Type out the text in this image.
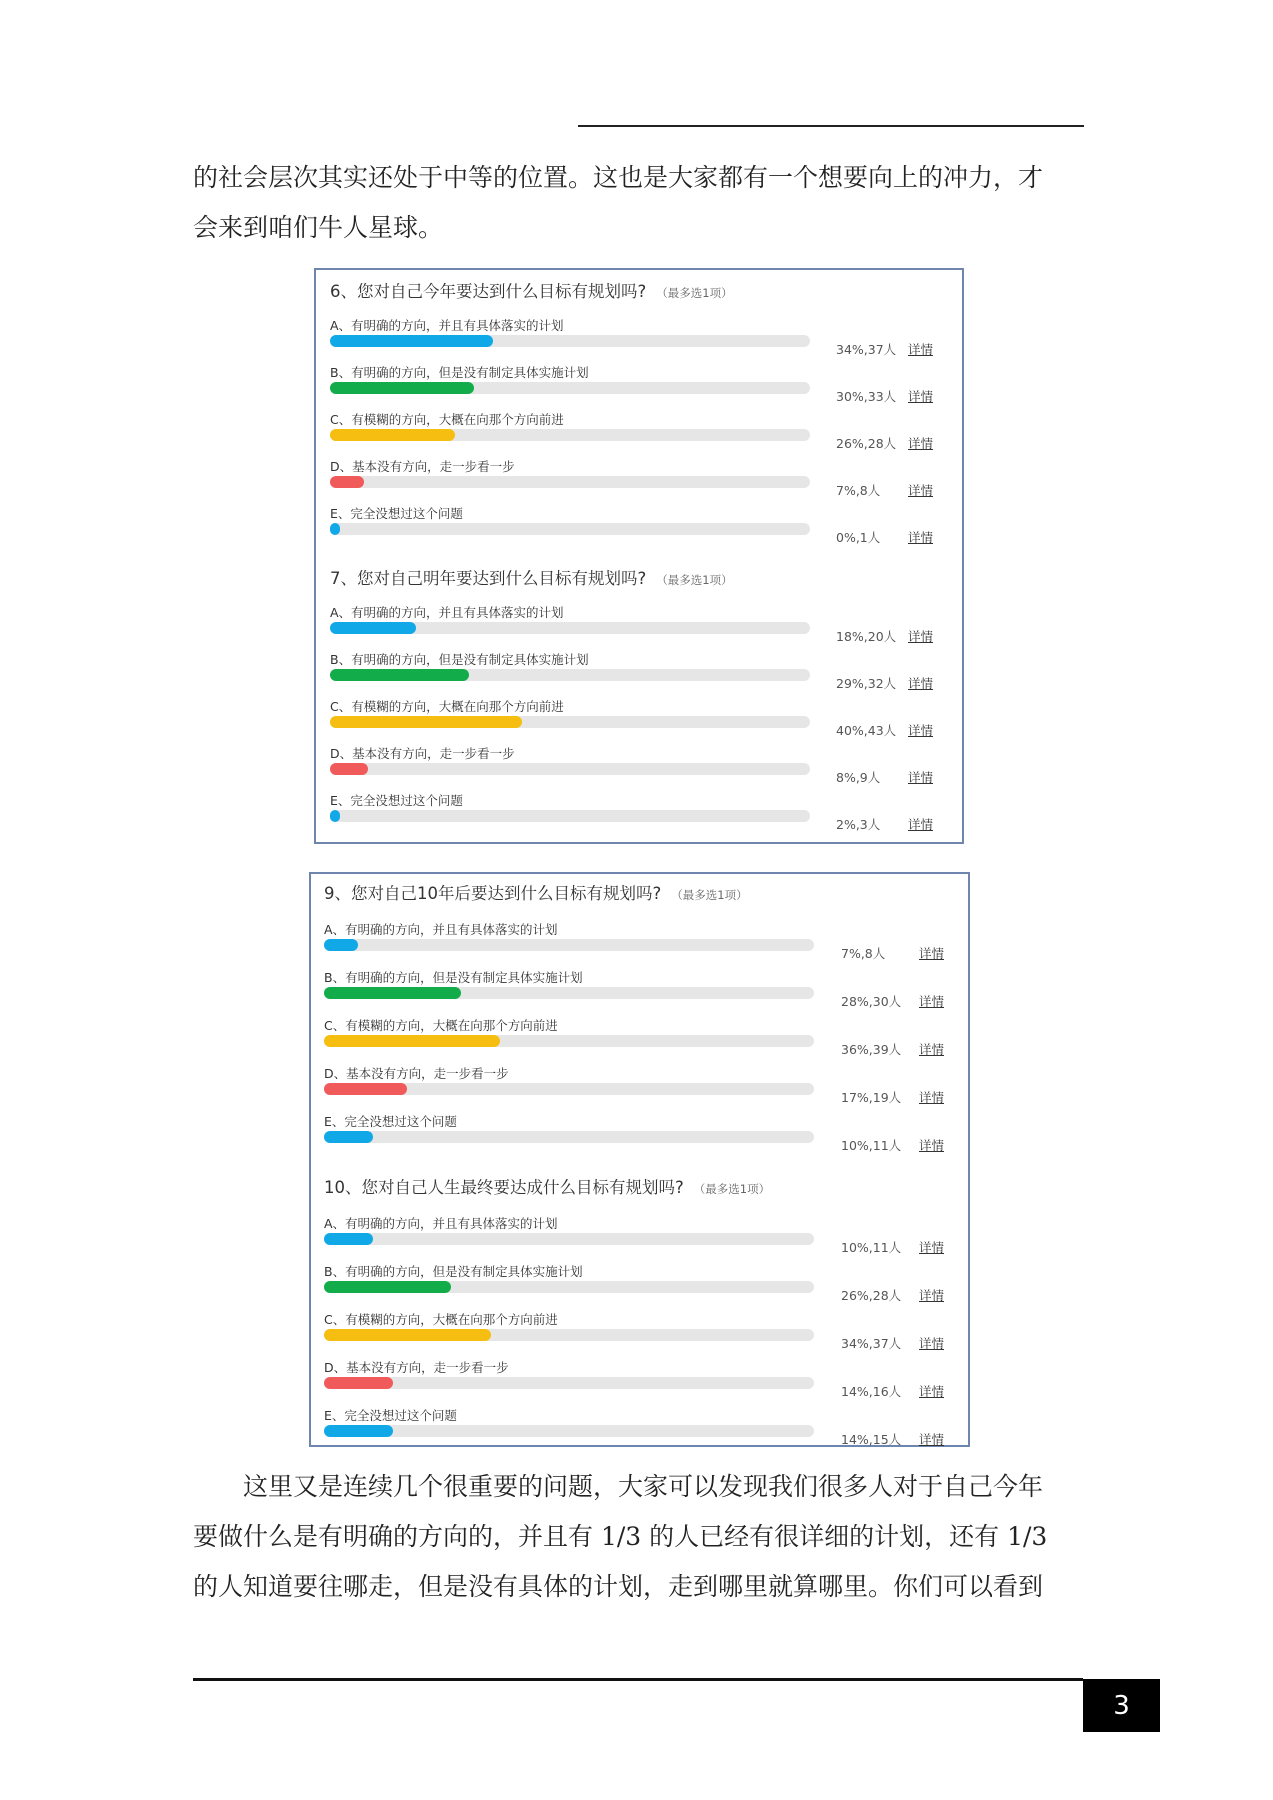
的社会层次其实还处于中等的位置。这也是大家都有一个想要向上的冲力，才

会来到咱们牛人星球。

6、您对自己今年要达到什么目标有规划吗? （最多选1项）
A、有明确的方向，并且有具体落实的计划
34%,37人 详情
B、有明确的方向，但是没有制定具体实施计划
30%,33人 详情
C、有模糊的方向，大概在向那个方向前进
26%,28人 详情
D、基本没有方向，走一步看一步
7%,8人 详情
E、完全没想过这个问题
0%,1人 详情
7、您对自己明年要达到什么目标有规划吗? （最多选1项）
A、有明确的方向，并且有具体落实的计划
18%,20人 详情
B、有明确的方向，但是没有制定具体实施计划
29%,32人 详情
C、有模糊的方向，大概在向那个方向前进
40%,43人 详情
D、基本没有方向，走一步看一步
8%,9人 详情
E、完全没想过这个问题
2%,3人 详情
9、您对自己10年后要达到什么目标有规划吗? （最多选1项）
A、有明确的方向，并且有具体落实的计划
7%,8人	详情
B、有明确的方向，但是没有制定具体实施计划
28%,30人 详情
C、有模糊的方向，大概在向那个方向前进
36%,39人 详情
D、基本没有方向，走一步看一步
17%,19人 详情
E、完全没想过这个问题
10%,11人 详情
10、您对自己人生最终要达成什么目标有规划吗? （最多选1项）
A、有明确的方向，并且有具体落实的计划
10%,11人 详情
B、有明确的方向，但是没有制定具体实施计划
26%,28人 详情
C、有模糊的方向，大概在向那个方向前进
34%,37人 详情
D、基本没有方向，走一步看一步
14%,16人 详情
E、完全没想过这个问题
14%,15人 详情

这里又是连续几个很重要的问题，大家可以发现我们很多人对于自己今年

要做什么是有明确的方向的，并且有 1/3 的人已经有很详细的计划，还有 1/3

的人知道要往哪走，但是没有具体的计划，走到哪里就算哪里。你们可以看到

3
